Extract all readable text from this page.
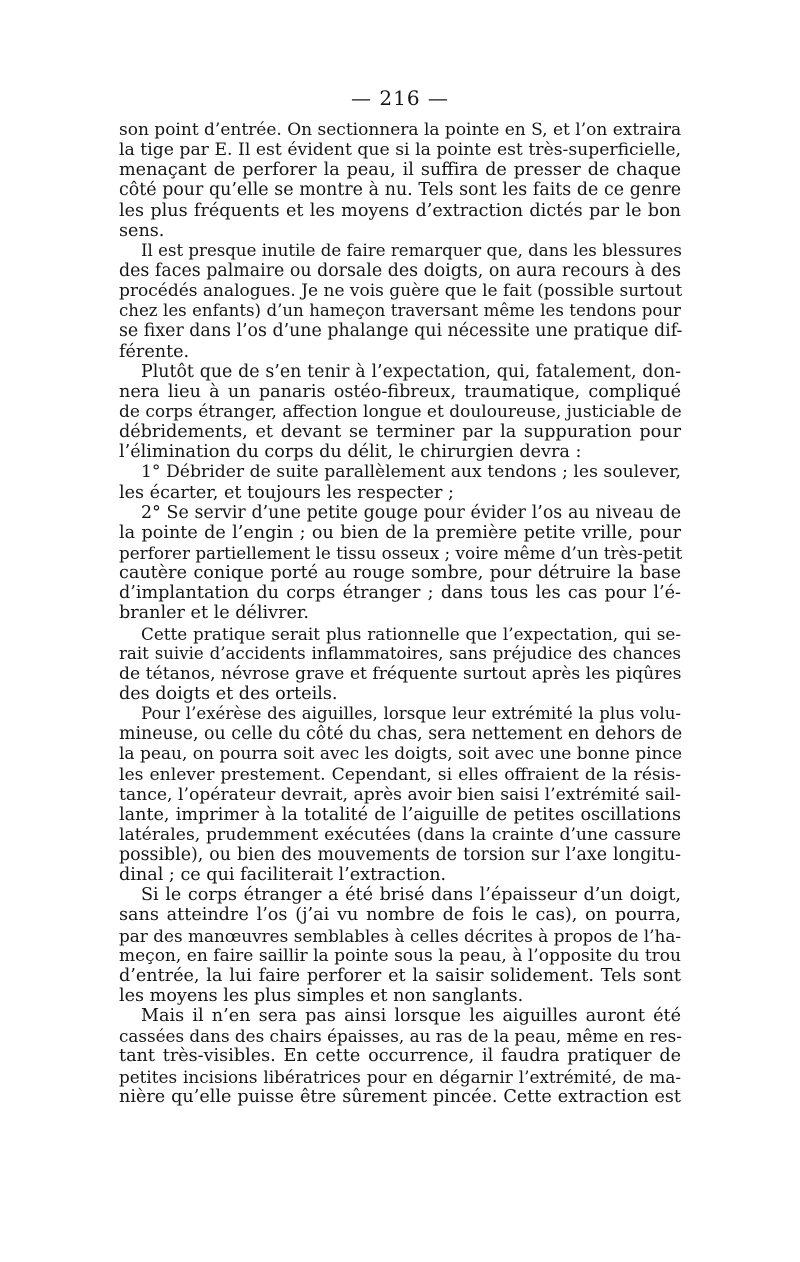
— 216 —
son point d’entrée. On sectionnera la pointe en S, et l’on extraira
la tige par E. Il est évident que si la pointe est très-superficielle,
menaçant de perforer la peau, il suffira de presser de chaque
côté pour qu’elle se montre à nu. Tels sont les faits de ce genre
les plus fréquents et les moyens d’extraction dictés par le bon
sens.
Il est presque inutile de faire remarquer que, dans les blessures
des faces palmaire ou dorsale des doigts, on aura recours à des
procédés analogues. Je ne vois guère que le fait (possible surtout
chez les enfants) d’un hameçon traversant même les tendons pour
se fixer dans l’os d’une phalange qui nécessite une pratique dif-
férente.
Plutôt que de s’en tenir à l’expectation, qui, fatalement, don-
nera lieu à un panaris ostéo-fibreux, traumatique, compliqué
de corps étranger, affection longue et douloureuse, justiciable de
débridements, et devant se terminer par la suppuration pour
l’élimination du corps du délit, le chirurgien devra :
1° Débrider de suite parallèlement aux tendons ; les soulever,
les écarter, et toujours les respecter ;
2° Se servir d’une petite gouge pour évider l’os au niveau de
la pointe de l’engin ; ou bien de la première petite vrille, pour
perforer partiellement le tissu osseux ; voire même d’un très-petit
cautère conique porté au rouge sombre, pour détruire la base
d’implantation du corps étranger ; dans tous les cas pour l’é-
branler et le délivrer.
Cette pratique serait plus rationnelle que l’expectation, qui se-
rait suivie d’accidents inflammatoires, sans préjudice des chances
de tétanos, névrose grave et fréquente surtout après les piqûres
des doigts et des orteils.
Pour l’exérèse des aiguilles, lorsque leur extrémité la plus volu-
mineuse, ou celle du côté du chas, sera nettement en dehors de
la peau, on pourra soit avec les doigts, soit avec une bonne pince
les enlever prestement. Cependant, si elles offraient de la résis-
tance, l’opérateur devrait, après avoir bien saisi l’extrémité sail-
lante, imprimer à la totalité de l’aiguille de petites oscillations
latérales, prudemment exécutées (dans la crainte d’une cassure
possible), ou bien des mouvements de torsion sur l’axe longitu-
dinal ; ce qui faciliterait l’extraction.
Si le corps étranger a été brisé dans l’épaisseur d’un doigt,
sans atteindre l’os (j’ai vu nombre de fois le cas), on pourra,
par des manœuvres semblables à celles décrites à propos de l’ha-
meçon, en faire saillir la pointe sous la peau, à l’opposite du trou
d’entrée, la lui faire perforer et la saisir solidement. Tels sont
les moyens les plus simples et non sanglants.
Mais il n’en sera pas ainsi lorsque les aiguilles auront été
cassées dans des chairs épaisses, au ras de la peau, même en res-
tant très-visibles. En cette occurrence, il faudra pratiquer de
petites incisions libératrices pour en dégarnir l’extrémité, de ma-
nière qu’elle puisse être sûrement pincée. Cette extraction est
